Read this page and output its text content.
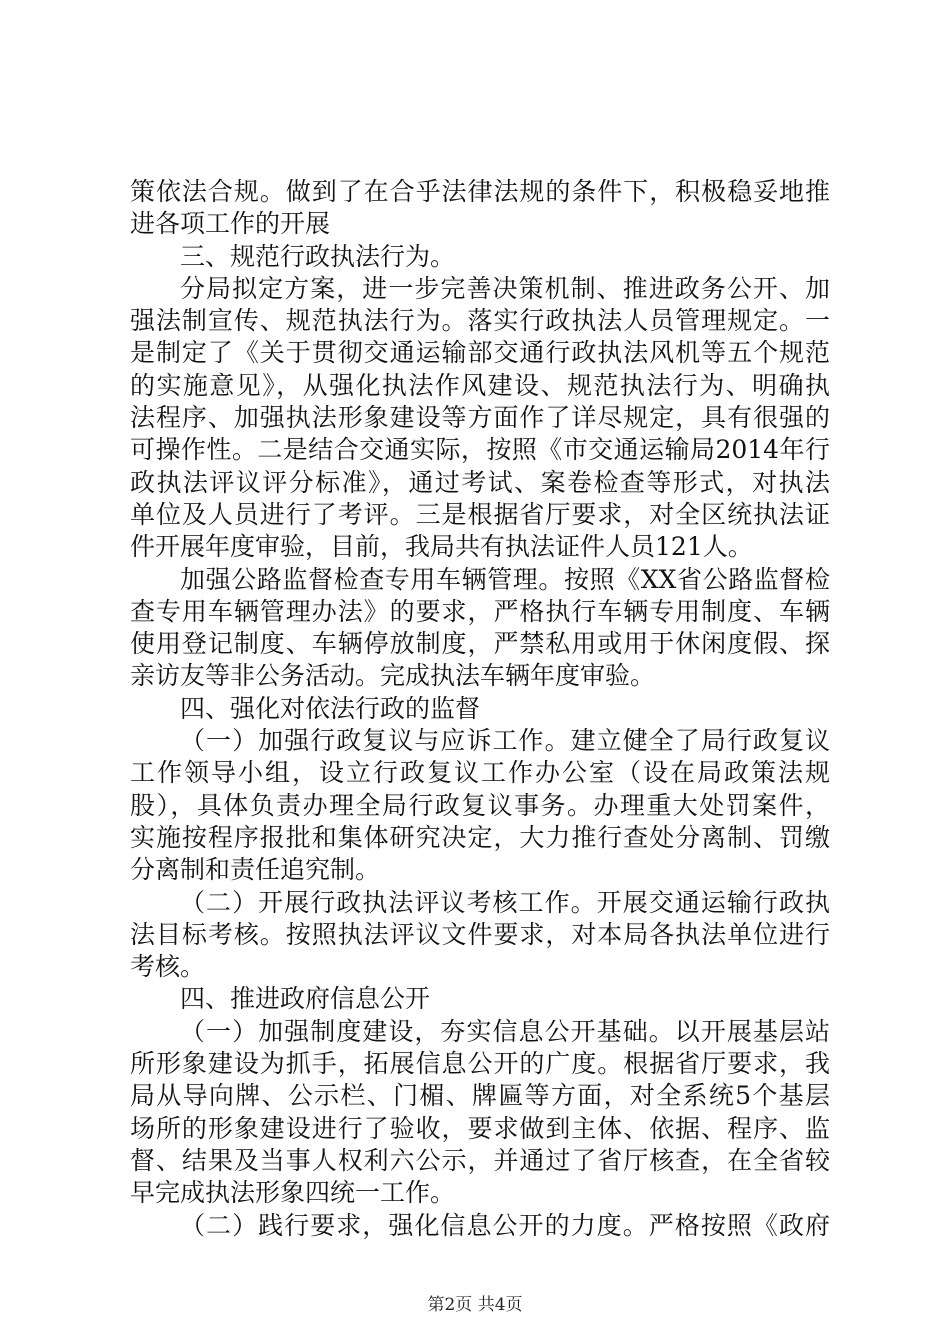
策依法合规。做到了在合乎法律法规的条件下，积极稳妥地推
进各项工作的开展
三、规范行政执法行为。
分局拟定方案，进一步完善决策机制、推进政务公开、加
强法制宣传、规范执法行为。落实行政执法人员管理规定。一
是制定了《关于贯彻交通运输部交通行政执法风机等五个规范
的实施意见》，从强化执法作风建设、规范执法行为、明确执
法程序、加强执法形象建设等方面作了详尽规定，具有很强的
可操作性。二是结合交通实际，按照《市交通运输局2014年行
政执法评议评分标准》，通过考试、案卷检查等形式，对执法
单位及人员进行了考评。三是根据省厅要求，对全区统执法证
件开展年度审验，目前，我局共有执法证件人员121人。
加强公路监督检查专用车辆管理。按照《XX省公路监督检
查专用车辆管理办法》的要求，严格执行车辆专用制度、车辆
使用登记制度、车辆停放制度，严禁私用或用于休闲度假、探
亲访友等非公务活动。完成执法车辆年度审验。
四、强化对依法行政的监督
（一）加强行政复议与应诉工作。建立健全了局行政复议
工作领导小组，设立行政复议工作办公室（设在局政策法规
股），具体负责办理全局行政复议事务。办理重大处罚案件，
实施按程序报批和集体研究决定，大力推行查处分离制、罚缴
分离制和责任追究制。
（二）开展行政执法评议考核工作。开展交通运输行政执
法目标考核。按照执法评议文件要求，对本局各执法单位进行
考核。
四、推进政府信息公开
（一）加强制度建设，夯实信息公开基础。以开展基层站
所形象建设为抓手，拓展信息公开的广度。根据省厅要求，我
局从导向牌、公示栏、门楣、牌匾等方面，对全系统5个基层
场所的形象建设进行了验收，要求做到主体、依据、程序、监
督、结果及当事人权利六公示，并通过了省厅核查，在全省较
早完成执法形象四统一工作。
（二）践行要求，强化信息公开的力度。严格按照《政府
第2页 共4页
